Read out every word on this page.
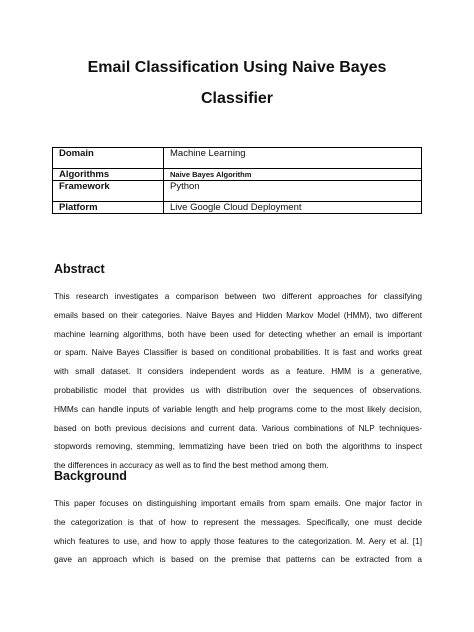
Email Classification Using Naive Bayes
Classifier
Domain	Machine Learning
Algorithms	Naive Bayes Algorithm
Framework	Python
Platform	Live Google Cloud Deployment
Abstract
This research investigates a comparison between two different approaches for classifying
emails based on their categories. Naive Bayes and Hidden Markov Model (HMM), two different
machine learning algorithms, both have been used for detecting whether an email is important
or spam. Naive Bayes Classifier is based on conditional probabilities. It is fast and works great
with small dataset. It considers independent words as a feature. HMM is a generative,
probabilistic model that provides us with distribution over the sequences of observations.
HMMs can handle inputs of variable length and help programs come to the most likely decision,
based on both previous decisions and current data. Various combinations of NLP techniques-
stopwords removing, stemming, lemmatizing have been tried on both the algorithms to inspect
the differences in accuracy as well as to find the best method among them.
Background
This paper focuses on distinguishing important emails from spam emails. One major factor in
the categorization is that of how to represent the messages. Specifically, one must decide
which features to use, and how to apply those features to the categorization. M. Aery et al. [1]
gave an approach which is based on the premise that patterns can be extracted from a
